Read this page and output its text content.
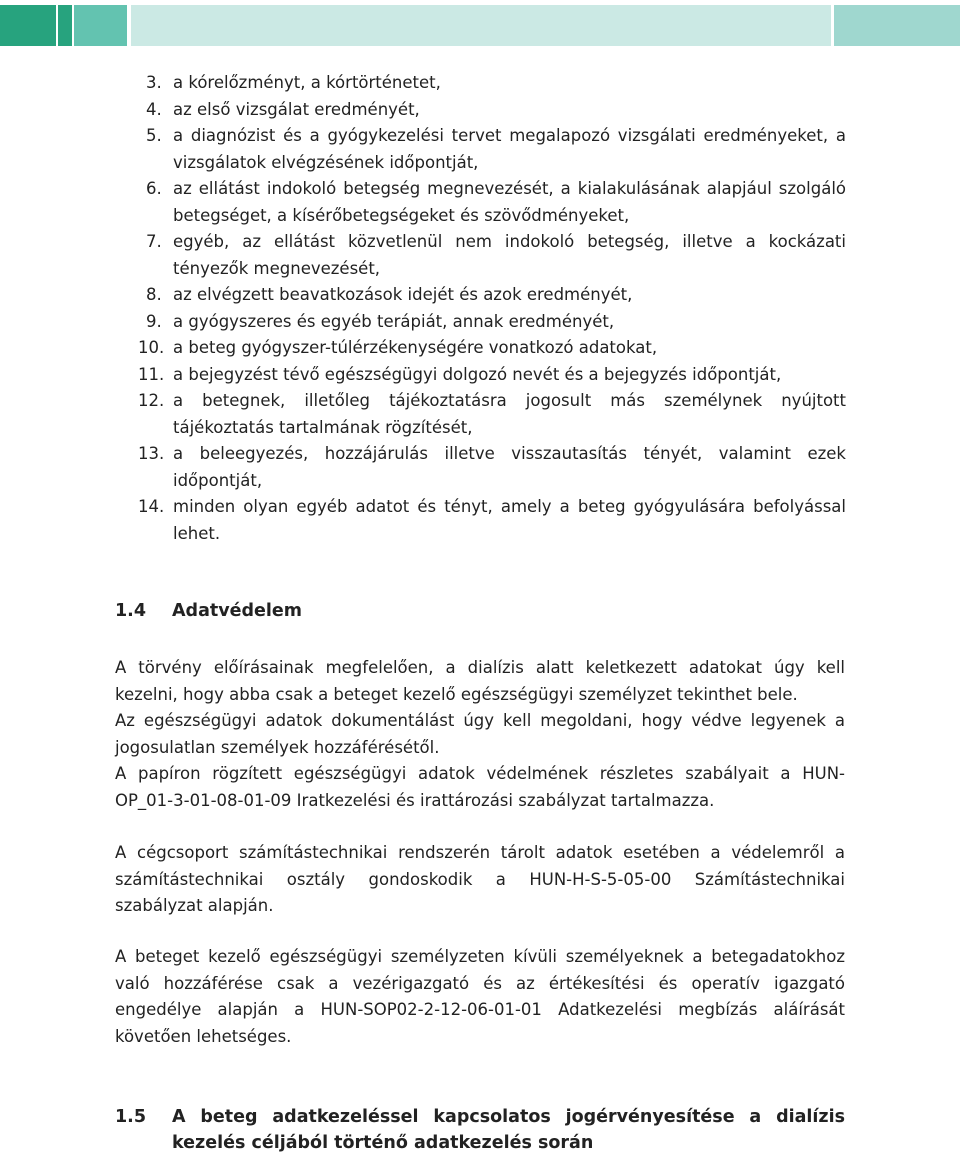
3. a kórelőzményt, a kórtörténetet,
4. az első vizsgálat eredményét,
5. a diagnózist és a gyógykezelési tervet megalapozó vizsgálati eredményeket, a vizsgálatok elvégzésének időpontját,
6. az ellátást indokoló betegség megnevezését, a kialakulásának alapjául szolgáló betegséget, a kísérőbetegségeket és szövődményeket,
7. egyéb, az ellátást közvetlenül nem indokoló betegség, illetve a kockázati tényezők megnevezését,
8. az elvégzett beavatkozások idejét és azok eredményét,
9. a gyógyszeres és egyéb terápiát, annak eredményét,
10. a beteg gyógyszer-túlérzékenységére vonatkozó adatokat,
11. a bejegyzést tévő egészségügyi dolgozó nevét és a bejegyzés időpontját,
12. a betegnek, illetőleg tájékoztatásra jogosult más személynek nyújtott tájékoztatás tartalmának rögzítését,
13. a beleegyezés, hozzájárulás illetve visszautasítás tényét, valamint ezek időpontját,
14. minden olyan egyéb adatot és tényt, amely a beteg gyógyulására befolyással lehet.
1.4	Adatvédelem
A törvény előírásainak megfelelően, a dialízis alatt keletkezett adatokat úgy kell kezelni, hogy abba csak a beteget kezelő egészségügyi személyzet tekinthet bele.
Az egészségügyi adatok dokumentálást úgy kell megoldani, hogy védve legyenek a jogosulatlan személyek hozzáférésétől.
A papíron rögzített egészségügyi adatok védelmének részletes szabályait a HUN-OP_01-3-01-08-01-09 Iratkezelési és irattározási szabályzat tartalmazza.

A cégcsoport számítástechnikai rendszerén tárolt adatok esetében a védelemről a számítástechnikai osztály gondoskodik a HUN-H-S-5-05-00 Számítástechnikai szabályzat alapján.

A beteget kezelő egészségügyi személyzeten kívüli személyeknek a betegadatokhoz való hozzáférése csak a vezérigazgató és az értékesítési és operatív igazgató engedélye alapján a HUN-SOP02-2-12-06-01-01 Adatkezelési megbízás aláírását követően lehetséges.

1.5	A beteg adatkezeléssel kapcsolatos jogérvényesítése a dialízis kezelés céljából történő adatkezelés során
